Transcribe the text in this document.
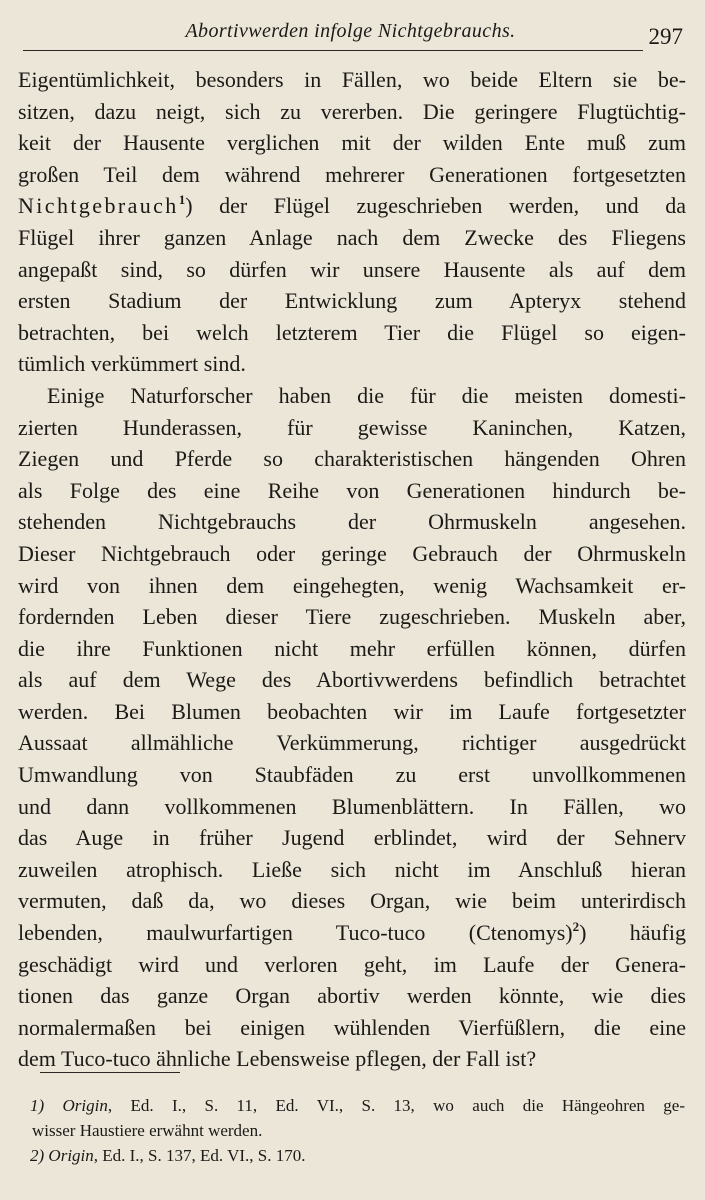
Abortivwerden infolge Nichtgebrauchs.	297
Eigentümlichkeit, besonders in Fällen, wo beide Eltern sie be-
sitzen, dazu neigt, sich zu vererben. Die geringere Flugtüchtig-
keit der Hausente verglichen mit der wilden Ente muß zum
großen Teil dem während mehrerer Generationen fortgesetzten
Nichtgebrauch$^1$) der Flügel zugeschrieben werden, und da
Flügel ihrer ganzen Anlage nach dem Zwecke des Fliegens
angepaßt sind, so dürfen wir unsere Hausente als auf dem
ersten Stadium der Entwicklung zum Apteryx stehend
betrachten, bei welch letzterem Tier die Flügel so eigen-
tümlich verkümmert sind.
Einige Naturforscher haben die für die meisten domesti-
zierten Hunderassen, für gewisse Kaninchen, Katzen,
Ziegen und Pferde so charakteristischen hängenden Ohren
als Folge des eine Reihe von Generationen hindurch be-
stehenden Nichtgebrauchs der Ohrmuskeln angesehen.
Dieser Nichtgebrauch oder geringe Gebrauch der Ohrmuskeln
wird von ihnen dem eingehegten, wenig Wachsamkeit er-
fordernden Leben dieser Tiere zugeschrieben. Muskeln aber,
die ihre Funktionen nicht mehr erfüllen können, dürfen
als auf dem Wege des Abortivwerdens befindlich betrachtet
werden. Bei Blumen beobachten wir im Laufe fortgesetzter
Aussaat allmähliche Verkümmerung, richtiger ausgedrückt
Umwandlung von Staubfäden zu erst unvollkommenen
und dann vollkommenen Blumenblättern. In Fällen, wo
das Auge in früher Jugend erblindet, wird der Sehnerv
zuweilen atrophisch. Ließe sich nicht im Anschluß hieran
vermuten, daß da, wo dieses Organ, wie beim unterirdisch
lebenden, maulwurfartigen Tuco-tuco (Ctenomys)$^2$) häufig
geschädigt wird und verloren geht, im Laufe der Genera-
tionen das ganze Organ abortiv werden könnte, wie dies
normalermaßen bei einigen wühlenden Vierfüßlern, die eine
dem Tuco-tuco ähnliche Lebensweise pflegen, der Fall ist?
1) Origin, Ed. I., S. 11, Ed. VI., S. 13, wo auch die Hängeohren ge-
wisser Haustiere erwähnt werden.
2) Origin, Ed. I., S. 137, Ed. VI., S. 170.
